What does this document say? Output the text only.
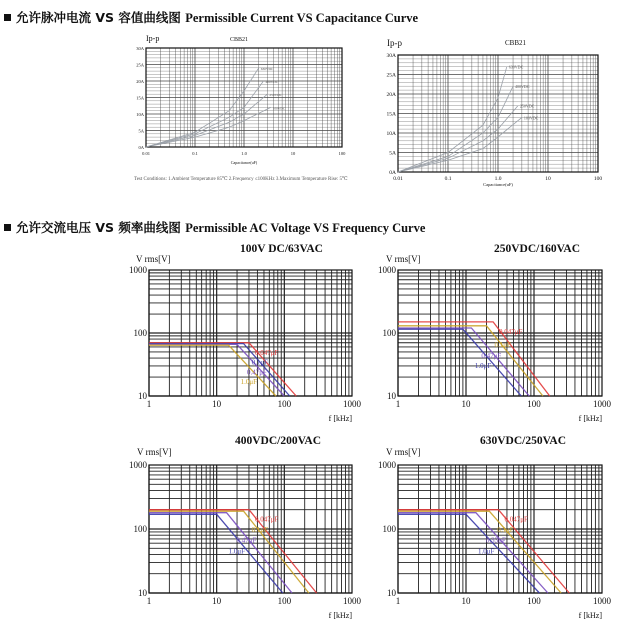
允许脉冲电流 VS 容值曲线图 Permissible Current VS Capacitance Curve
允许交流电压 VS 频率曲线图 Permissible AC Voltage VS Frequency Curve
Test Conditions: 1.Ambient Temperature 85℃ 2.Frequency ≤100KHz 3.Maximum Temperature Rise: 5℃
CBB21
Ip-p
0.01	0.1	1.0	10	100
0A
5A
10A
15A
20A
25A
30A
Capacitance(uF)
630VDC
400VDC
250VDC
100VDC
CBB21
Ip-p
0.01	0.1	1.0	10	100
0A
5A
10A
15A
20A
25A
30A
Capacitance(uF)
630VDC
400VDC
250VDC
100VDC
100V DC/63VAC
V rms[V]
1	10	100	1000
10
100
1000
f [kHz]
0.047μF
0.1μF
0.47μF
1.0μF
250VDC/160VAC
V rms[V]
1	10	100	1000
10
100
1000
f [kHz]
0.047μF
0.1μF
0.47μF
1.0μF
400VDC/200VAC
V rms[V]
1	10	100	1000
10
100
1000
f [kHz]
0.047μF
0.1μF
0.47μF
1.0μF
630VDC/250VAC
V rms[V]
1	10	100	1000
10
100
1000
f [kHz]
0.047μF
0.1μF
0.33μF
1.0μF
